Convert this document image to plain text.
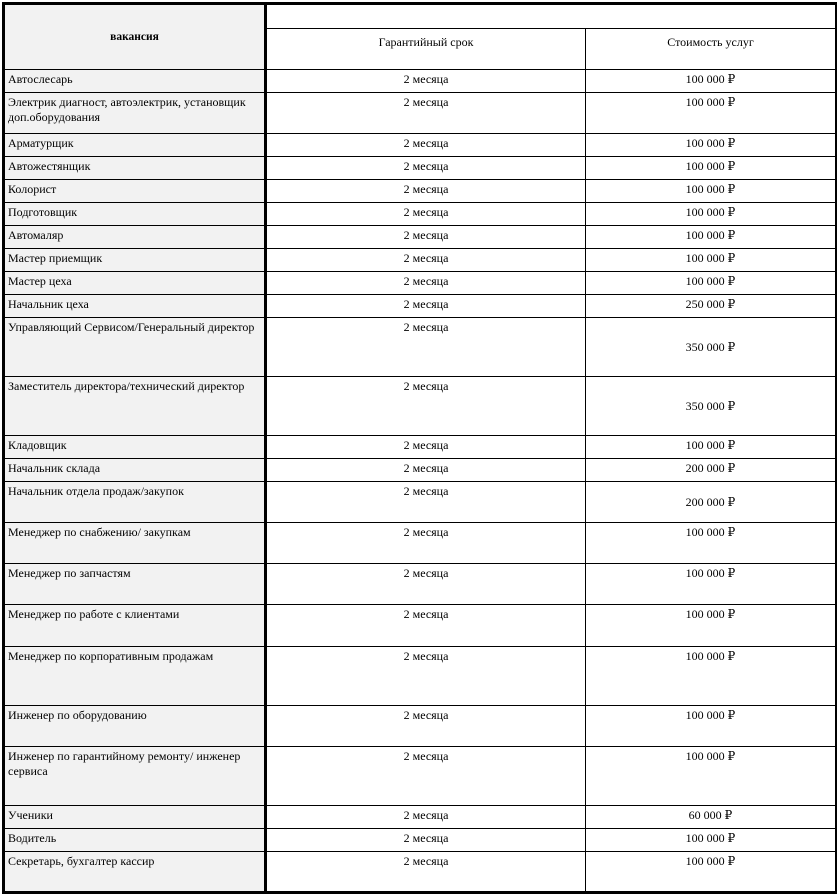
вакансия		
	Гарантийный срок	Стоимость услуг
Автослесарь	2 месяца	100 000 ₽
Электрик диагност, автоэлектрик, установщик доп.оборудования	2 месяца	100 000 ₽
Арматурщик	2 месяца	100 000 ₽
Автожестянщик	2 месяца	100 000 ₽
Колорист	2 месяца	100 000 ₽
Подготовщик	2 месяца	100 000 ₽
Автомаляр	2 месяца	100 000 ₽
Мастер приемщик	2 месяца	100 000 ₽
Мастер цеха	2 месяца	100 000 ₽
Начальник цеха	2 месяца	250 000 ₽
Управляющий Сервисом/Генеральный директор	2 месяца	350 000 ₽
Заместитель директора/технический директор	2 месяца	350 000 ₽
Кладовщик	2 месяца	100 000 ₽
Начальник склада	2 месяца	200 000 ₽
Начальник отдела продаж/закупок	2 месяца	200 000 ₽
Менеджер по снабжению/ закупкам	2 месяца	100 000 ₽
Менеджер по запчастям	2 месяца	100 000 ₽
Менеджер по работе с клиентами	2 месяца	100 000 ₽
Менеджер по корпоративным продажам	2 месяца	100 000 ₽
Инженер по оборудованию	2 месяца	100 000 ₽
Инженер по гарантийному ремонту/ инженер сервиса	2 месяца	100 000 ₽
Ученики	2 месяца	60 000 ₽
Водитель	2 месяца	100 000 ₽
Секретарь, бухгалтер кассир	2 месяца	100 000 ₽
